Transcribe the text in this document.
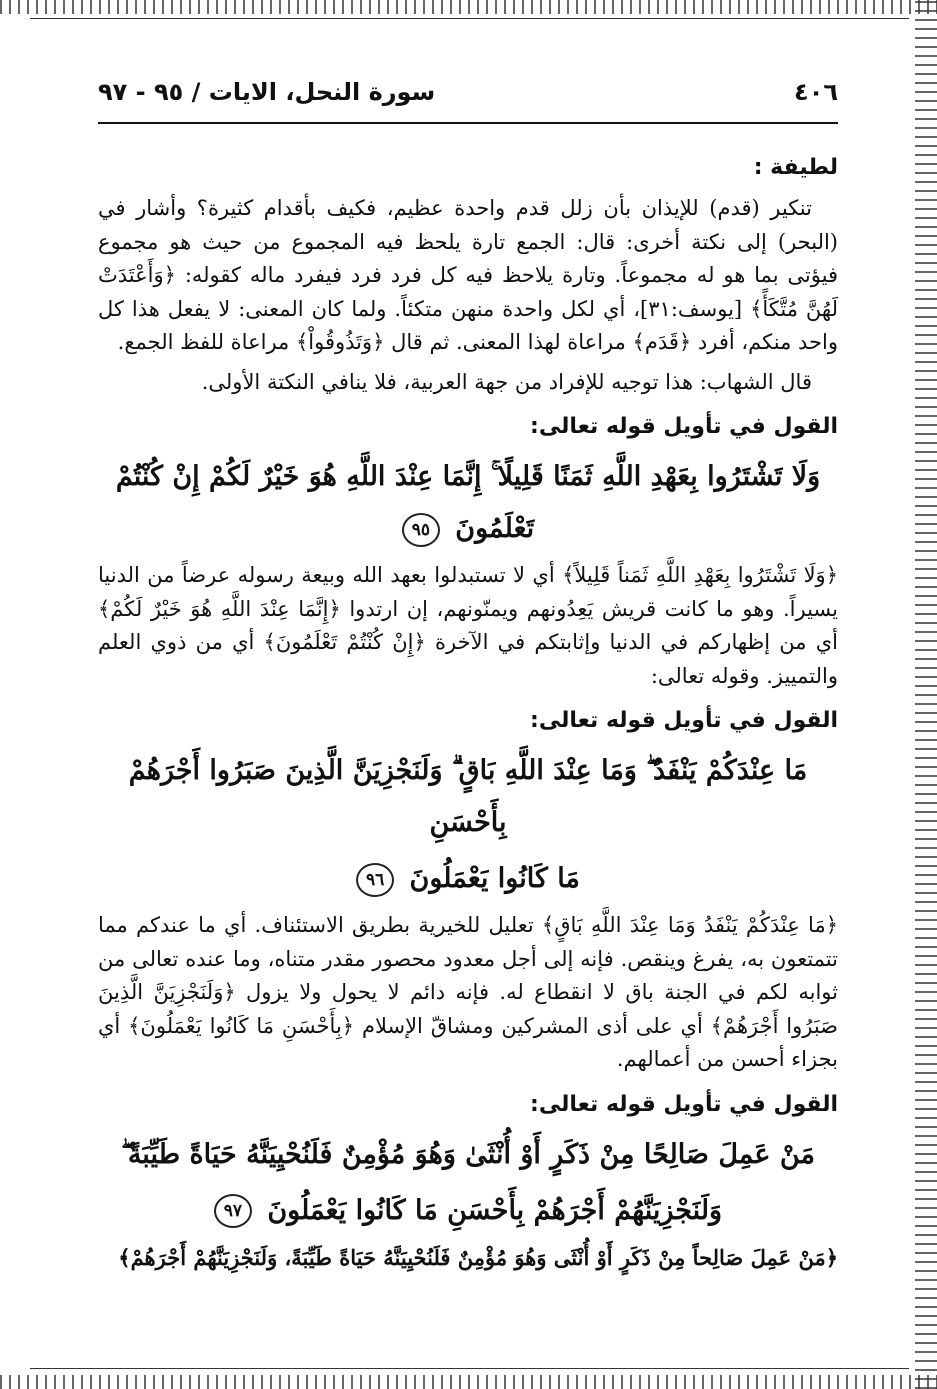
٤٠٦
سورة النحل، الايات / ٩٥ - ٩٧
لطيفة :

تنكير (قدم) للإيذان بأن زلل قدم واحدة عظيم، فكيف بأقدام كثيرة؟ وأشار في (البحر) إلى نكتة أخرى: قال: الجمع تارة يلحظ فيه المجموع من حيث هو مجموع فيؤتى بما هو له مجموعاً. وتارة يلاحظ فيه كل فرد فرد فيفرد ماله كقوله: ﴿وَأَعْتَدَتْ لَهُنَّ مُتَّكَأً﴾ [يوسف:٣١]، أي لكل واحدة منهن متكئاً. ولما كان المعنى: لا يفعل هذا كل واحد منكم، أفرد ﴿قَدَم﴾ مراعاة لهذا المعنى. ثم قال ﴿وَتَذُوقُواْ﴾ مراعاة للفظ الجمع.

قال الشهاب: هذا توجيه للإفراد من جهة العربية، فلا ينافي النكتة الأولى.

القول في تأويل قوله تعالى:
وَلَا تَشْتَرُوا بِعَهْدِ اللَّهِ ثَمَنًا قَلِيلًا ۚ إِنَّمَا عِنْدَ اللَّهِ هُوَ خَيْرٌ لَكُمْ إِنْ كُنْتُمْ تَعْلَمُونَ ٩٥

﴿وَلَا تَشْتَرُوا بِعَهْدِ اللَّهِ ثَمَناً قَلِيلاً﴾ أي لا تستبدلوا بعهد الله وبيعة رسوله عرضاً من الدنيا يسيراً. وهو ما كانت قريش يَعِدُونهم ويمنّونهم، إن ارتدوا ﴿إِنَّمَا عِنْدَ اللَّهِ هُوَ خَيْرٌ لَكُمْ﴾ أي من إظهاركم في الدنيا وإثابتكم في الآخرة ﴿إِنْ كُنْتُمْ تَعْلَمُونَ﴾ أي من ذوي العلم والتمييز. وقوله تعالى:

القول في تأويل قوله تعالى:
مَا عِنْدَكُمْ يَنْفَدُ ۖ وَمَا عِنْدَ اللَّهِ بَاقٍ ۗ وَلَنَجْزِيَنَّ الَّذِينَ صَبَرُوا أَجْرَهُمْ بِأَحْسَنِ
مَا كَانُوا يَعْمَلُونَ ٩٦

﴿مَا عِنْدَكُمْ يَنْفَدُ وَمَا عِنْدَ اللَّهِ بَاقٍ﴾ تعليل للخيرية بطريق الاستئناف. أي ما عندكم مما تتمتعون به، يفرغ وينقص. فإنه إلى أجل معدود محصور مقدر متناه، وما عنده تعالى من ثوابه لكم في الجنة باق لا انقطاع له. فإنه دائم لا يحول ولا يزول ﴿وَلَنَجْزِيَنَّ الَّذِينَ صَبَرُوا أَجْرَهُمْ﴾ أي على أذى المشركين ومشاقّ الإسلام ﴿بِأَحْسَنِ مَا كَانُوا يَعْمَلُونَ﴾ أي بجزاء أحسن من أعمالهم.

القول في تأويل قوله تعالى:
مَنْ عَمِلَ صَالِحًا مِنْ ذَكَرٍ أَوْ أُنْثَىٰ وَهُوَ مُؤْمِنٌ فَلَنُحْيِيَنَّهُ حَيَاةً طَيِّبَةً ۖ
وَلَنَجْزِيَنَّهُمْ أَجْرَهُمْ بِأَحْسَنِ مَا كَانُوا يَعْمَلُونَ ٩٧

﴿مَنْ عَمِلَ صَالِحاً مِنْ ذَكَرٍ أَوْ أُنْثَى وَهُوَ مُؤْمِنٌ فَلَنُحْيِيَنَّهُ حَيَاةً طَيِّبَةً، وَلَنَجْزِيَنَّهُمْ أَجْرَهُمْ﴾
